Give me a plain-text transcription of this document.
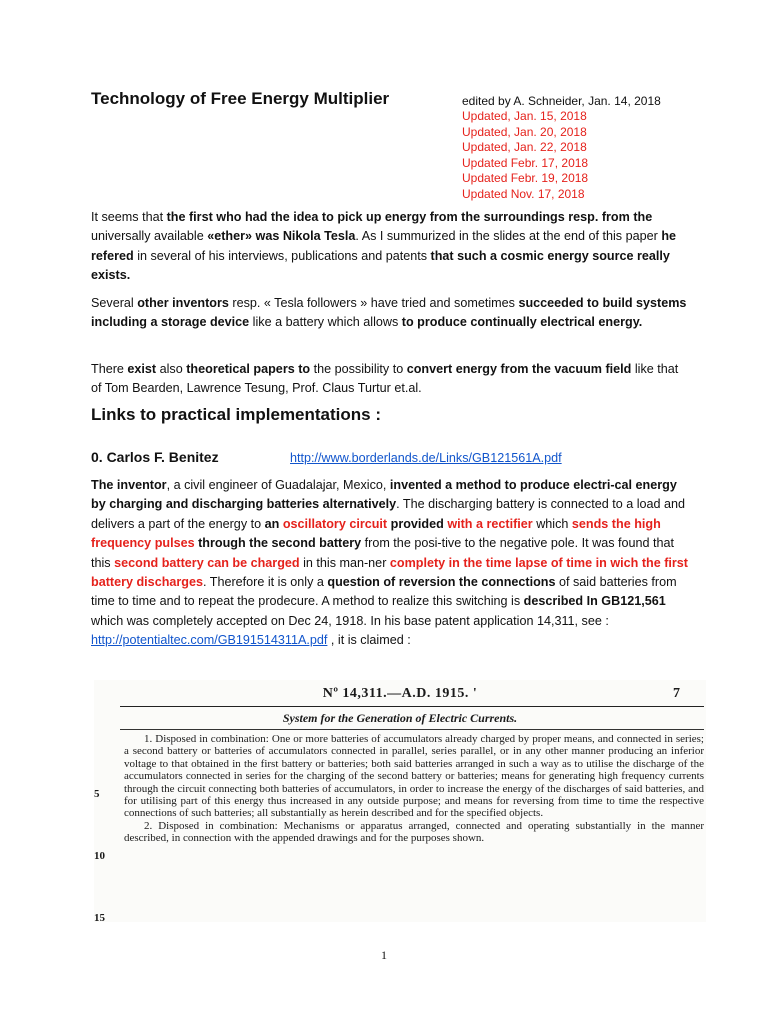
Technology of Free Energy Multiplier	edited by A. Schneider, Jan. 14, 2018
Updated, Jan. 15, 2018
Updated, Jan. 20, 2018
Updated, Jan. 22, 2018
Updated Febr. 17, 2018
Updated Febr. 19, 2018
Updated Nov. 17, 2018

It seems that the first who had the idea to pick up energy from the surroundings resp. from the universally available «ether» was Nikola Tesla. As I summurized in the slides at the end of this paper he refered in several of his interviews, publications and patents that such a cosmic energy source really exists.

Several other inventors resp. « Tesla followers » have tried and sometimes succeeded to build systems including a storage device like a battery which allows to produce continually electrical energy.

There exist also theoretical papers to the possibility to convert energy from the vacuum field like that of Tom Bearden, Lawrence Tesung, Prof. Claus Turtur et.al.

Links to practical implementations :
0. Carlos F. Benitez	http://www.borderlands.de/Links/GB121561A.pdf

The inventor, a civil engineer of Guadalajar, Mexico, invented a method to produce electri-cal energy by charging and discharging batteries alternatively. The discharging battery is connected to a load and delivers a part of the energy to an oscillatory circuit provided with a rectifier which sends the high frequency pulses through the second battery from the posi-tive to the negative pole. It was found that this second battery can be charged in this man-ner complety in the time lapse of time in wich the first battery discharges. Therefore it is only a question of reversion the connections of said batteries from time to time and to repeat the prodecure. A method to realize this switching is described In GB121,561 which was completely accepted on Dec 24, 1918. In his base patent application 14,311, see :
http://potentialtec.com/GB191514311A.pdf , it is claimed :

Nº 14,311.—A.D. 1915. '	7
System for the Generation of Electric Currents.
5
10
15

1. Disposed in combination: One or more batteries of accumulators already charged by proper means, and connected in series; a second battery or batteries of accumulators connected in parallel, series parallel, or in any other manner producing an inferior voltage to that obtained in the first battery or batteries; both said batteries arranged in such a way as to utilise the discharge of the accumulators connected in series for the charging of the second battery or batteries; means for generating high frequency currents through the circuit connecting both batteries of accumulators, in order to increase the energy of the discharges of said batteries, and for utilising part of this energy thus increased in any outside purpose; and means for reversing from time to time the respective connections of such batteries; all substantially as herein described and for the specified objects.

2. Disposed in combination: Mechanisms or apparatus arranged, connected and operating substantially in the manner described, in connection with the appended drawings and for the purposes shown.

1
